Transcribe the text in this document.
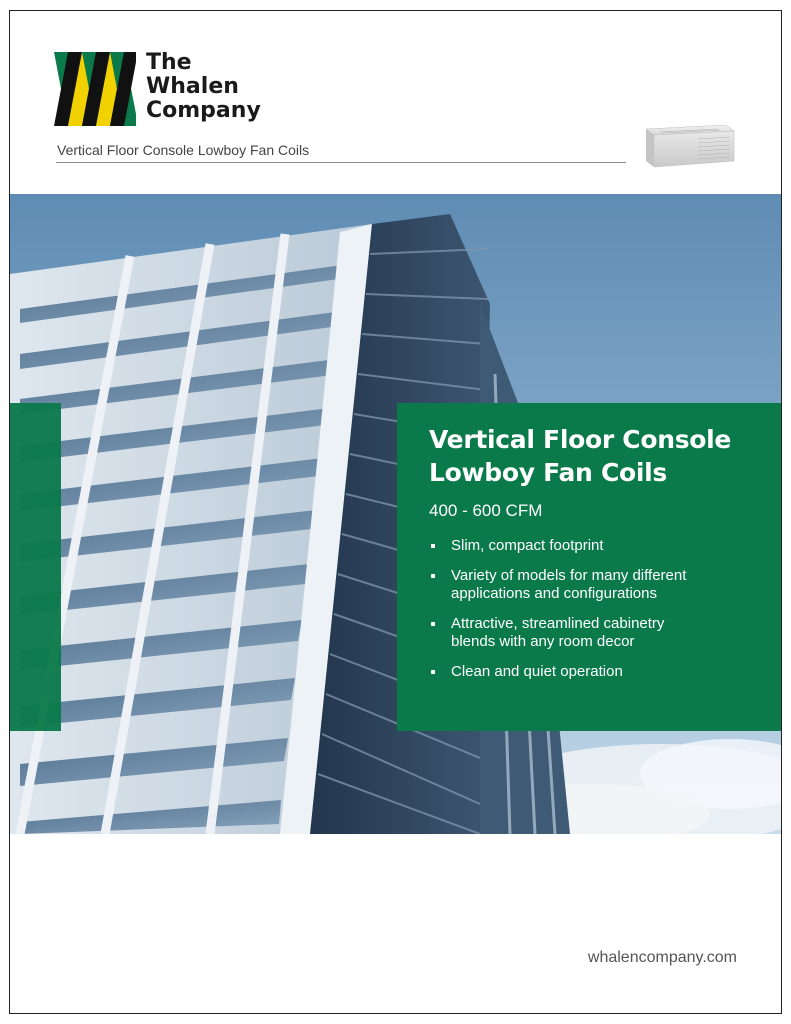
The
Whalen
Company
Vertical Floor Console Lowboy Fan Coils
Vertical Floor Console
Lowboy Fan Coils
400 - 600 CFM
Slim, compact footprint
Variety of models for many different
applications and configurations
Attractive, streamlined cabinetry
blends with any room decor
Clean and quiet operation
whalencompany.com
